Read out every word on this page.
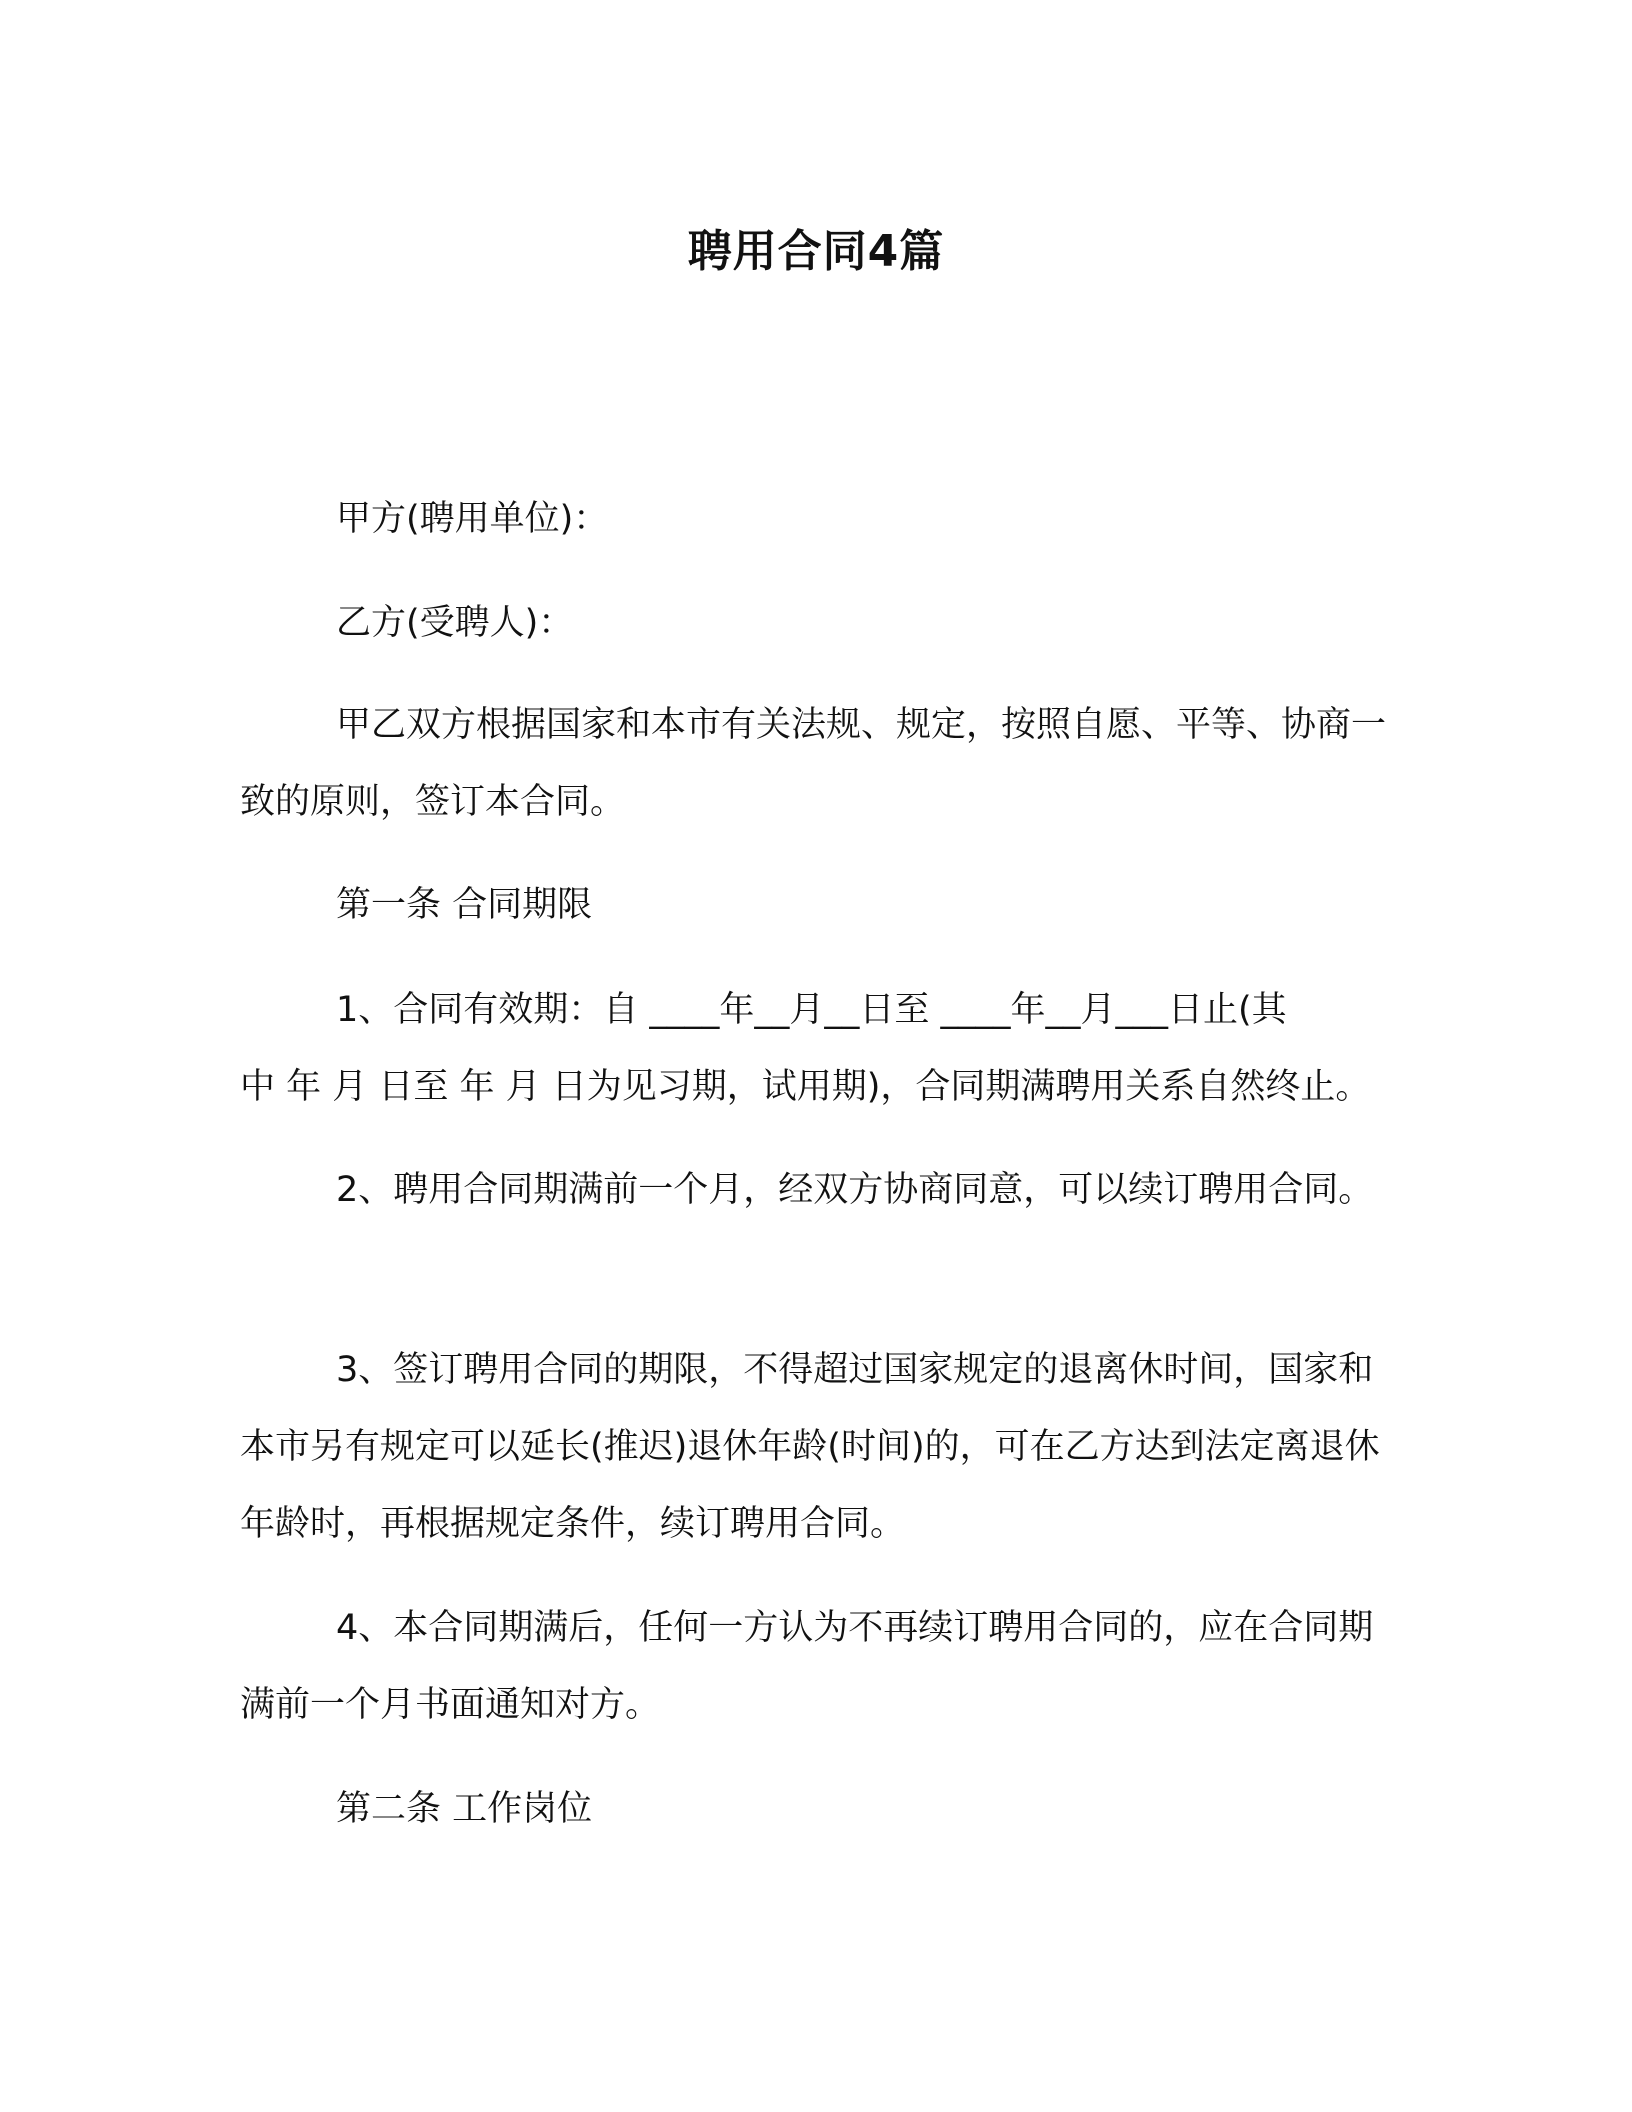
聘用合同4篇
甲方(聘用单位)：
乙方(受聘人)：

甲乙双方根据国家和本市有关法规、规定，按照自愿、平等、协商一致的原则，签订本合同。

第一条 合同期限
1、合同有效期：自 ____年__月__日至 ____年__月___日止(其
中 年 月 日至 年 月 日为见习期，试用期)，合同期满聘用关系自然终止。

2、聘用合同期满前一个月，经双方协商同意，可以续订聘用合同。

3、签订聘用合同的期限，不得超过国家规定的退离休时间，国家和本市另有规定可以延长(推迟)退休年龄(时间)的，可在乙方达到法定离退休年龄时，再根据规定条件，续订聘用合同。

4、本合同期满后，任何一方认为不再续订聘用合同的，应在合同期满前一个月书面通知对方。

第二条 工作岗位
